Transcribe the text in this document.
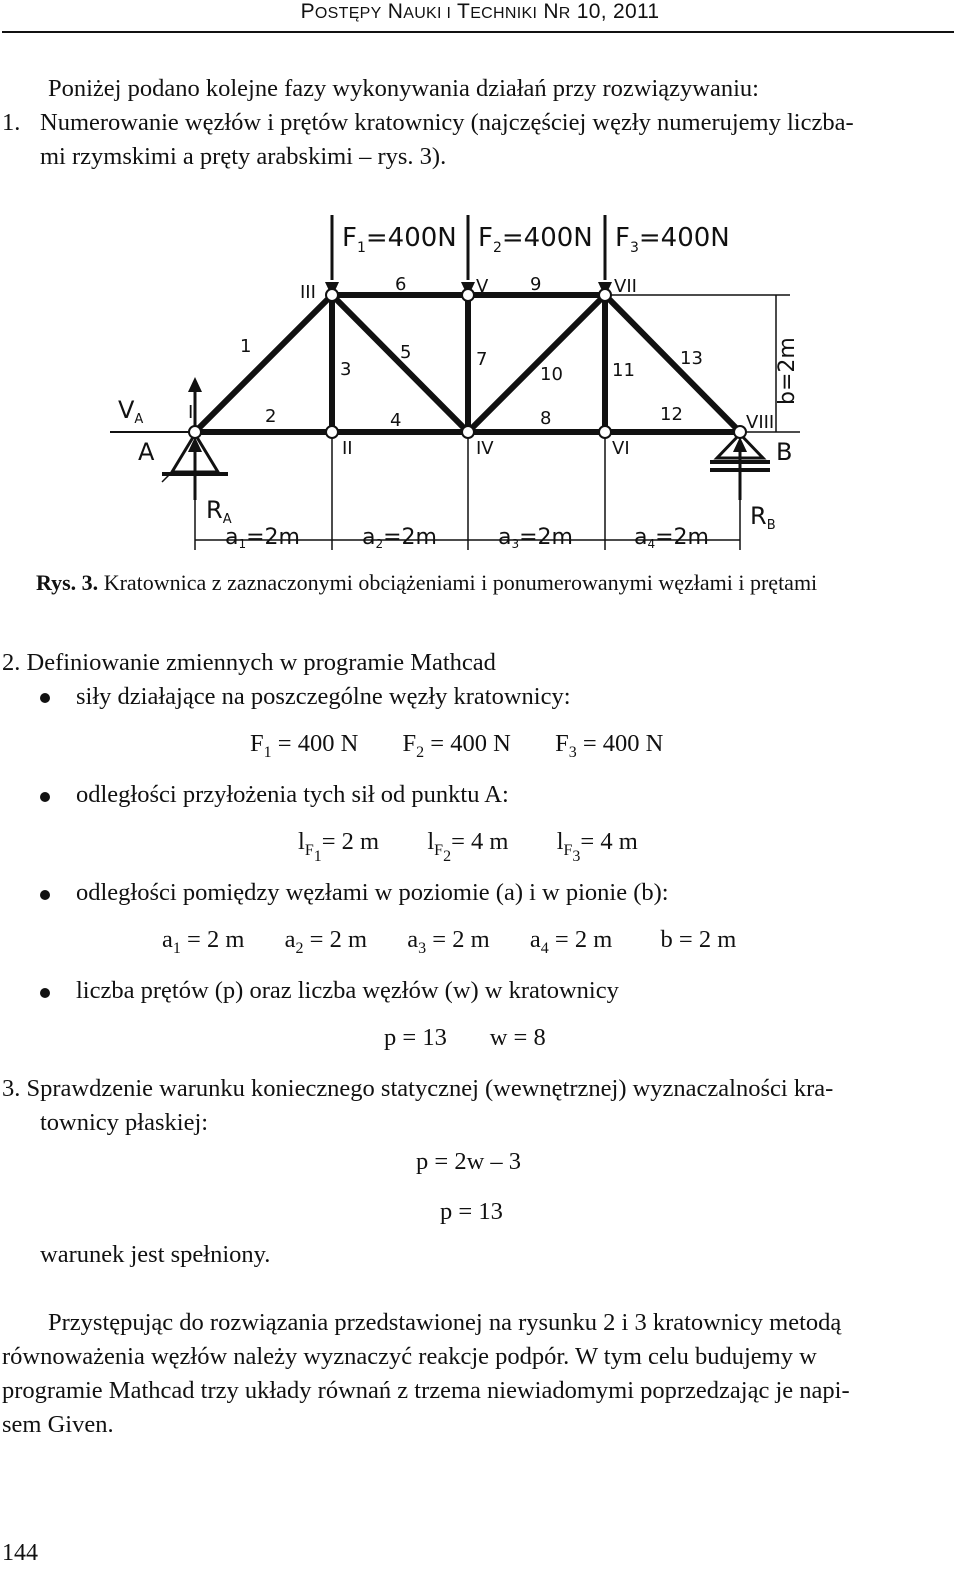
POSTĘPY NAUKI I TECHNIKI NR 10, 2011
Poniżej podano kolejne fazy wykonywania działań przy rozwiązywaniu:
1. Numerowanie węzłów i prętów kratownicy (najczęściej węzły numerujemy liczba-
mi rzymskimi a pręty arabskimi – rys. 3).
$F_1=400N$ $F_2=400N$ $F_3=400N$
I
II
III
IV
V
VI
VII
VIII
1
2
3
4
5
6
7
8
9
10	11
12
13
A	B
$V_A$
$R_A$	$R_B$
b=2m
a1=2m	a2=2m	a3=2m	a4=2m
Rys. 3. Kratownica z zaznaczonymi obciążeniami i ponumerowanymi węzłami i prętami
2. Definiowanie zmiennych w programie Mathcad
siły działające na poszczególne węzły kratownicy:
$F_1 = 400$ N $F_2 = 400$ N $F_3 = 400$ N
odległości przyłożenia tych sił od punktu A:
$l_{F_1}= 2$ m $l_{F_2}= 4$ m $l_{F_3}= 4$ m
odległości pomiędzy węzłami w poziomie (a) i w pionie (b):
$a_1 = 2$ m $a_2 = 2$ m $a_3 = 2$ m $a_4 = 2$ m b = 2 m
liczba prętów (p) oraz liczba węzłów (w) w kratownicy
p = 13       w = 8
3. Sprawdzenie warunku koniecznego statycznej (wewnętrznej) wyznaczalności kra-
townicy płaskiej:
p = 2w – 3
p = 13
warunek jest spełniony.
Przystępując do rozwiązania przedstawionej na rysunku 2 i 3 kratownicy metodą
równoważenia węzłów należy wyznaczyć reakcje podpór. W tym celu budujemy w
programie Mathcad trzy układy równań z trzema niewiadomymi poprzedzając je napi-
sem Given.
144
